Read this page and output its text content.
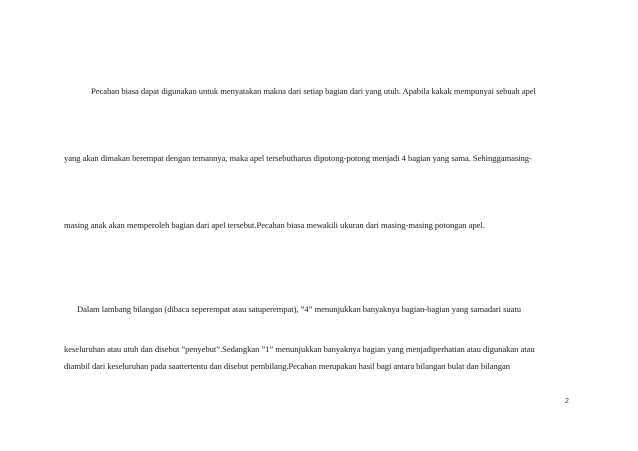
Pecahan biasa dapat digunakan untuk menyatakan makna dari setiap bagian dari yang utuh. Apabila kakak mempunyai sebuah apel
yang akan dimakan berempat dengan temannya, maka apel tersebutharus dipotong-potong menjadi 4 bagian yang sama. Sehinggamasing-
masing anak akan memperoleh bagian dari apel tersebut.Pecahan biasa mewakili ukuran dari masing-masing potongan apel.
Dalam lambang bilangan (dibaca seperempat atau satuperempat), ”4” menunjukkan banyaknya bagian-bagian yang samadari suatu
keseluruhan atau utuh dan disebut ”penyebut”.Sedangkan ”1” menunjukkan banyaknya bagian yang menjadiperhatian atau digunakan atau
diambil dari keseluruhan pada saattertentu dan disebut pembilang.Pecahan merupakan hasil bagi antara bilangan bulat dan bilangan
2
